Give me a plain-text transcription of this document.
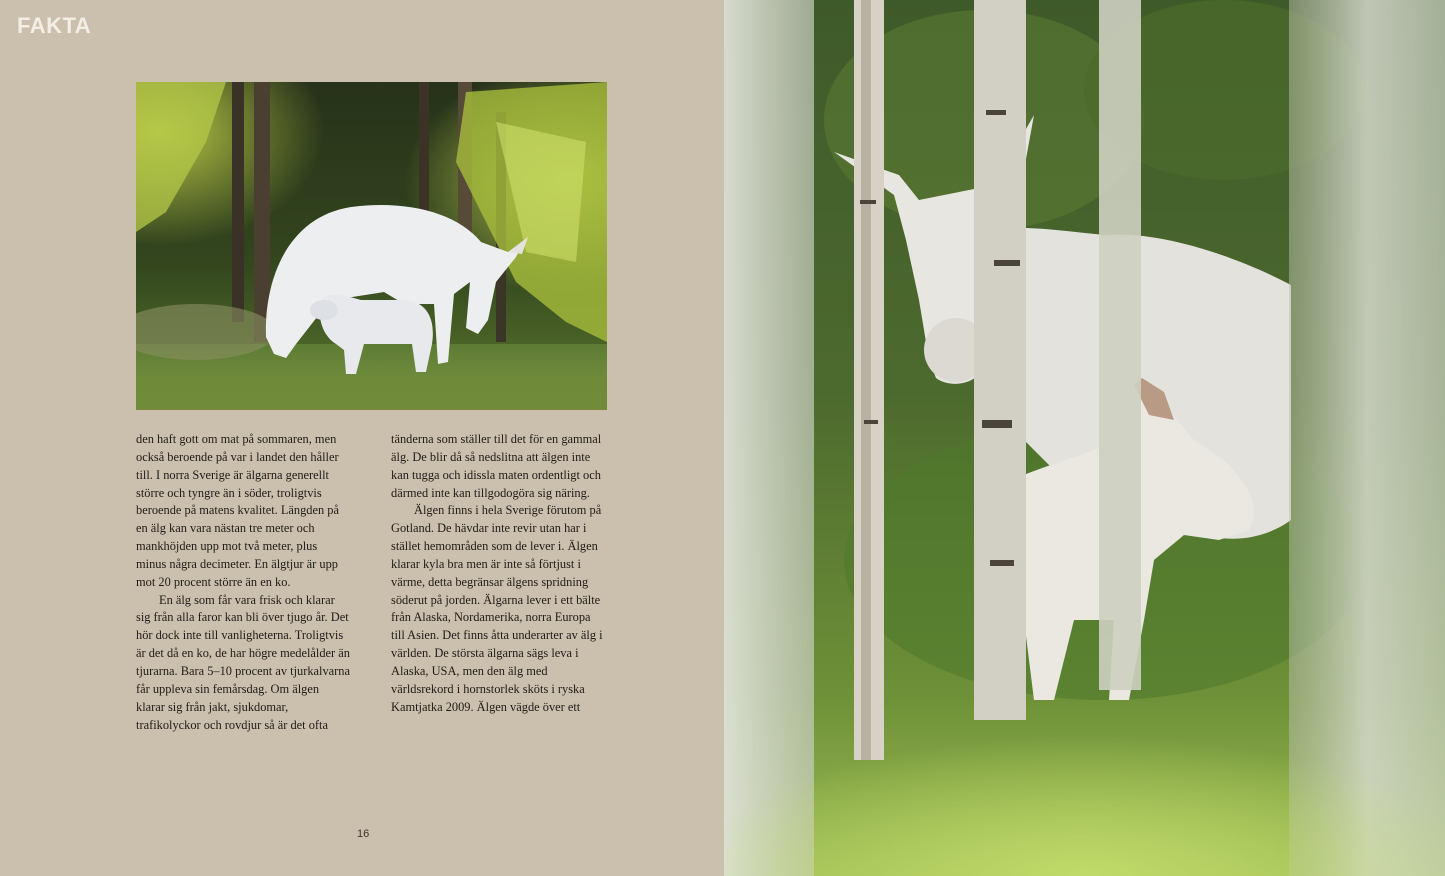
FAKTA

den haft gott om mat på sommaren, men också beroende på var i landet den håller till. I norra Sverige är älgarna generellt större och tyngre än i söder, troligtvis beroende på matens kvalitet. Längden på en älg kan vara nästan tre meter och mankhöjden upp mot två meter, plus minus några decimeter. En älgtjur är upp mot 20 procent större än en ko.

En älg som får vara frisk och klarar sig från alla faror kan bli över tjugo år. Det hör dock inte till vanligheterna. Troligtvis är det då en ko, de har högre medelålder än tjurarna. Bara 5–10 procent av tjurkalvarna får uppleva sin femårsdag. Om älgen klarar sig från jakt, sjukdomar, trafikolyckor och rovdjur så är det ofta

tänderna som ställer till det för en gammal älg. De blir då så nedslitna att älgen inte kan tugga och idissla maten ordentligt och därmed inte kan tillgodogöra sig näring.

Älgen finns i hela Sverige förutom på Gotland. De hävdar inte revir utan har i stället hemområden som de lever i. Älgen klarar kyla bra men är inte så förtjust i värme, detta begränsar älgens spridning söderut på jorden. Älgarna lever i ett bälte från Alaska, Nordamerika, norra Europa till Asien. Det finns åtta underarter av älg i världen. De största älgarna sägs leva i Alaska, USA, men den älg med världsrekord i hornstorlek sköts i ryska Kamtjatka 2009. Älgen vägde över ett

16
